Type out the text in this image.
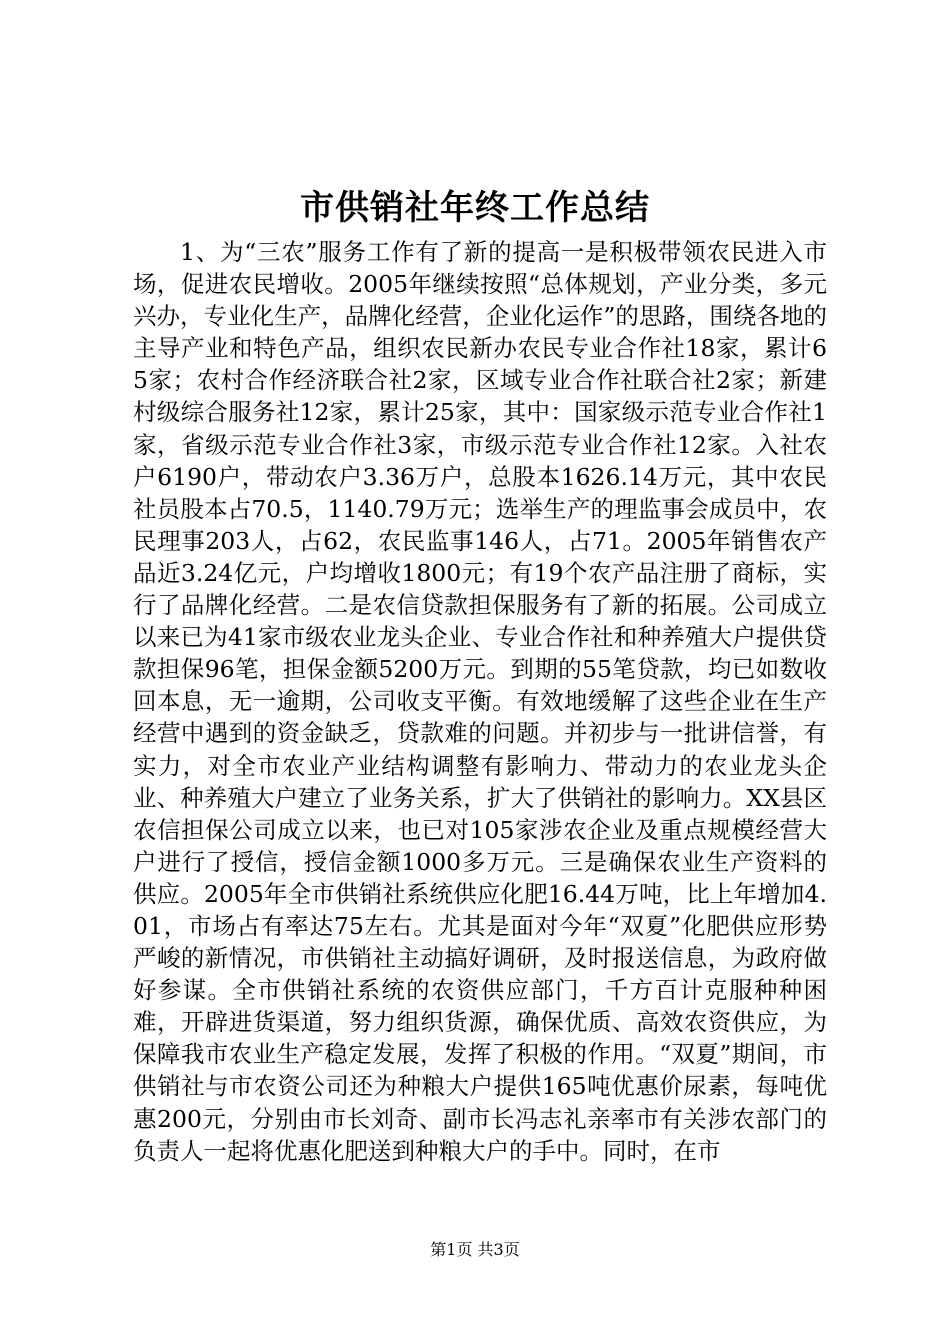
市供销社年终工作总结

1、为“三农”服务工作有了新的提高一是积极带领农民进入市场，促进农民增收。2005年继续按照“总体规划，产业分类，多元兴办，专业化生产，品牌化经营，企业化运作”的思路，围绕各地的主导产业和特色产品，组织农民新办农民专业合作社18家，累计65家；农村合作经济联合社2家，区域专业合作社联合社2家；新建村级综合服务社12家，累计25家，其中：国家级示范专业合作社1家，省级示范专业合作社3家，市级示范专业合作社12家。入社农户6190户，带动农户3.36万户，总股本1626.14万元，其中农民社员股本占70.5，1140.79万元；选举生产的理监事会成员中，农民理事203人，占62，农民监事146人，占71。2005年销售农产品近3.24亿元，户均增收1800元；有19个农产品注册了商标，实行了品牌化经营。二是农信贷款担保服务有了新的拓展。公司成立以来已为41家市级农业龙头企业、专业合作社和种养殖大户提供贷款担保96笔，担保金额5200万元。到期的55笔贷款，均已如数收回本息，无一逾期，公司收支平衡。有效地缓解了这些企业在生产经营中遇到的资金缺乏，贷款难的问题。并初步与一批讲信誉，有实力，对全市农业产业结构调整有影响力、带动力的农业龙头企业、种养殖大户建立了业务关系，扩大了供销社的影响力。XX县区农信担保公司成立以来，也已对105家涉农企业及重点规模经营大户进行了授信，授信金额1000多万元。三是确保农业生产资料的供应。2005年全市供销社系统供应化肥16.44万吨，比上年增加4.01，市场占有率达75左右。尤其是面对今年“双夏”化肥供应形势严峻的新情况，市供销社主动搞好调研，及时报送信息，为政府做好参谋。全市供销社系统的农资供应部门，千方百计克服种种困难，开辟进货渠道，努力组织货源，确保优质、高效农资供应，为保障我市农业生产稳定发展，发挥了积极的作用。“双夏”期间，市供销社与市农资公司还为种粮大户提供165吨优惠价尿素，每吨优惠200元，分别由市长刘奇、副市长冯志礼亲率市有关涉农部门的负责人一起将优惠化肥送到种粮大户的手中。同时，在市

第1页 共3页
